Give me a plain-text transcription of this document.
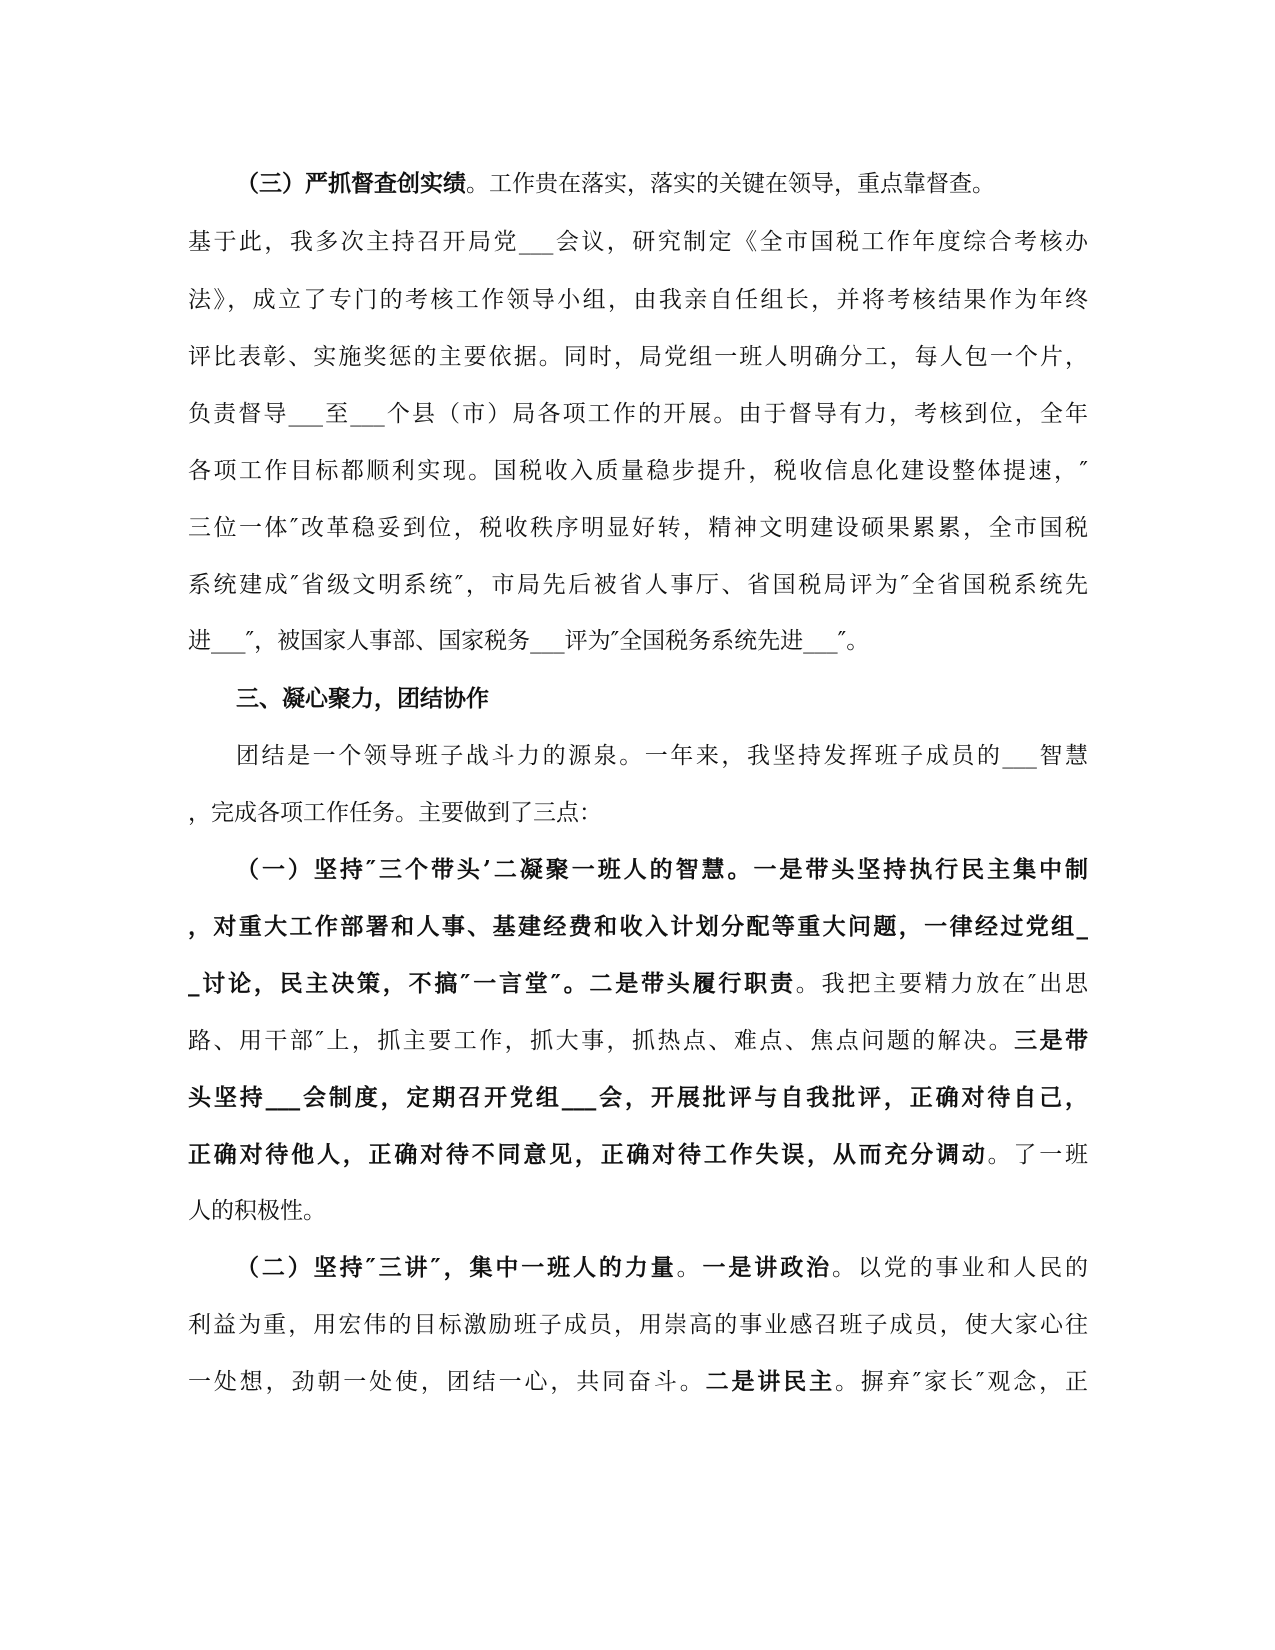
（三）严抓督查创实绩。工作贵在落实，落实的关键在领导，重点靠督查。
基于此，我多次主持召开局党___会议，研究制定《全市国税工作年度综合考核办
法》，成立了专门的考核工作领导小组，由我亲自任组长，并将考核结果作为年终
评比表彰、实施奖惩的主要依据。同时，局党组一班人明确分工，每人包一个片，
负责督导___至___个县（市）局各项工作的开展。由于督导有力，考核到位，全年
各项工作目标都顺利实现。国税收入质量稳步提升，税收信息化建设整体提速，″
三位一体″改革稳妥到位，税收秩序明显好转，精神文明建设硕果累累，全市国税
系统建成″省级文明系统″，市局先后被省人事厅、省国税局评为″全省国税系统先
进___″，被国家人事部、国家税务___评为″全国税务系统先进___″。
三、凝心聚力，团结协作
团结是一个领导班子战斗力的源泉。一年来，我坚持发挥班子成员的___智慧
，完成各项工作任务。主要做到了三点：
（一）坚持″三个带头’二凝聚一班人的智慧。一是带头坚持执行民主集中制
，对重大工作部署和人事、基建经费和收入计划分配等重大问题，一律经过党组_
_讨论，民主决策，不搞″一言堂″。二是带头履行职责。我把主要精力放在″出思
路、用干部″上，抓主要工作，抓大事，抓热点、难点、焦点问题的解决。三是带
头坚持___会制度，定期召开党组___会，开展批评与自我批评，正确对待自己，
正确对待他人，正确对待不同意见，正确对待工作失误，从而充分调动。了一班
人的积极性。
（二）坚持″三讲″，集中一班人的力量。一是讲政治。以党的事业和人民的
利益为重，用宏伟的目标激励班子成员，用崇高的事业感召班子成员，使大家心往
一处想，劲朝一处使，团结一心，共同奋斗。二是讲民主。摒弃″家长″观念，正
